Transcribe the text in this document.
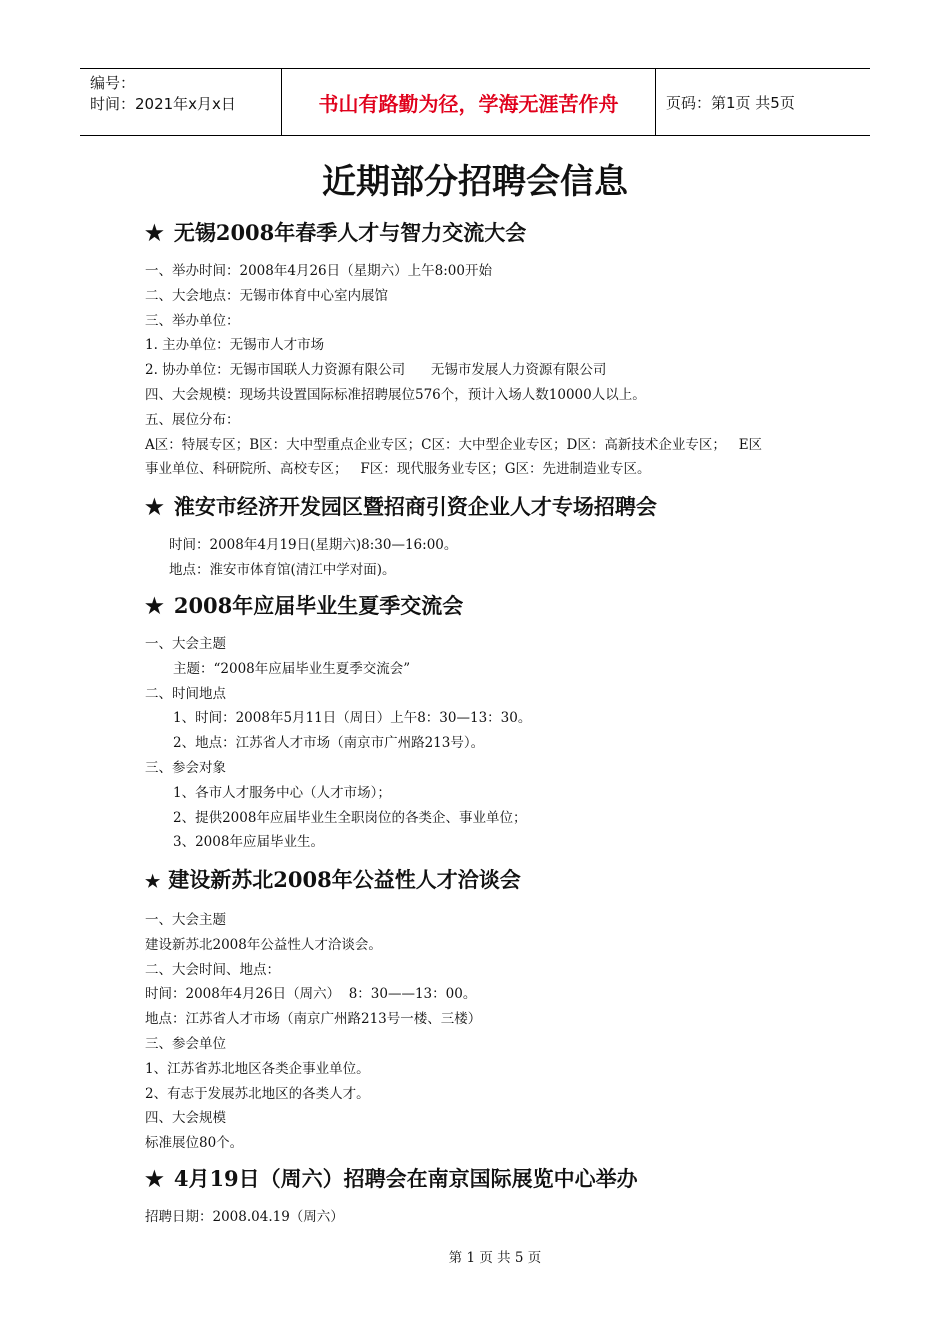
编号：
时间：2021年x月x日	书山有路勤为径，学海无涯苦作舟	页码：第1页 共5页
近期部分招聘会信息
★ 无锡2008年春季人才与智力交流大会
一、举办时间：2008年4月26日（星期六）上午8:00开始
二、大会地点：无锡市体育中心室内展馆
三、举办单位：
1. 主办单位：无锡市人才市场
2. 协办单位：无锡市国联人力资源有限公司      无锡市发展人力资源有限公司
四、大会规模：现场共设置国际标准招聘展位576个，预计入场人数10000人以上。
五、展位分布：
A区：特展专区；B区：大中型重点企业专区；C区：大中型企业专区；D区：高新技术企业专区；   E区
事业单位、科研院所、高校专区；   F区：现代服务业专区；G区：先进制造业专区。
★ 淮安市经济开发园区暨招商引资企业人才专场招聘会
时间：2008年4月19日(星期六)8:30—16:00。
地点：淮安市体育馆(清江中学对面)。
★ 2008年应届毕业生夏季交流会
一、大会主题
主题：“2008年应届毕业生夏季交流会”
二、时间地点
1、时间：2008年5月11日（周日）上午8：30—13：30。
2、地点：江苏省人才市场（南京市广州路213号）。
三、参会对象
1、各市人才服务中心（人才市场）；
2、提供2008年应届毕业生全职岗位的各类企、事业单位；
3、2008年应届毕业生。
★ 建设新苏北2008年公益性人才洽谈会
一、大会主题
建设新苏北2008年公益性人才洽谈会。
二、大会时间、地点：
时间：2008年4月26日（周六）  8：30——13：00。
地点：江苏省人才市场（南京广州路213号一楼、三楼）
三、参会单位
1、江苏省苏北地区各类企事业单位。
2、有志于发展苏北地区的各类人才。
四、大会规模
标准展位80个。
★ 4月19日（周六）招聘会在南京国际展览中心举办
招聘日期：2008.04.19（周六）
第 1 页 共 5 页
